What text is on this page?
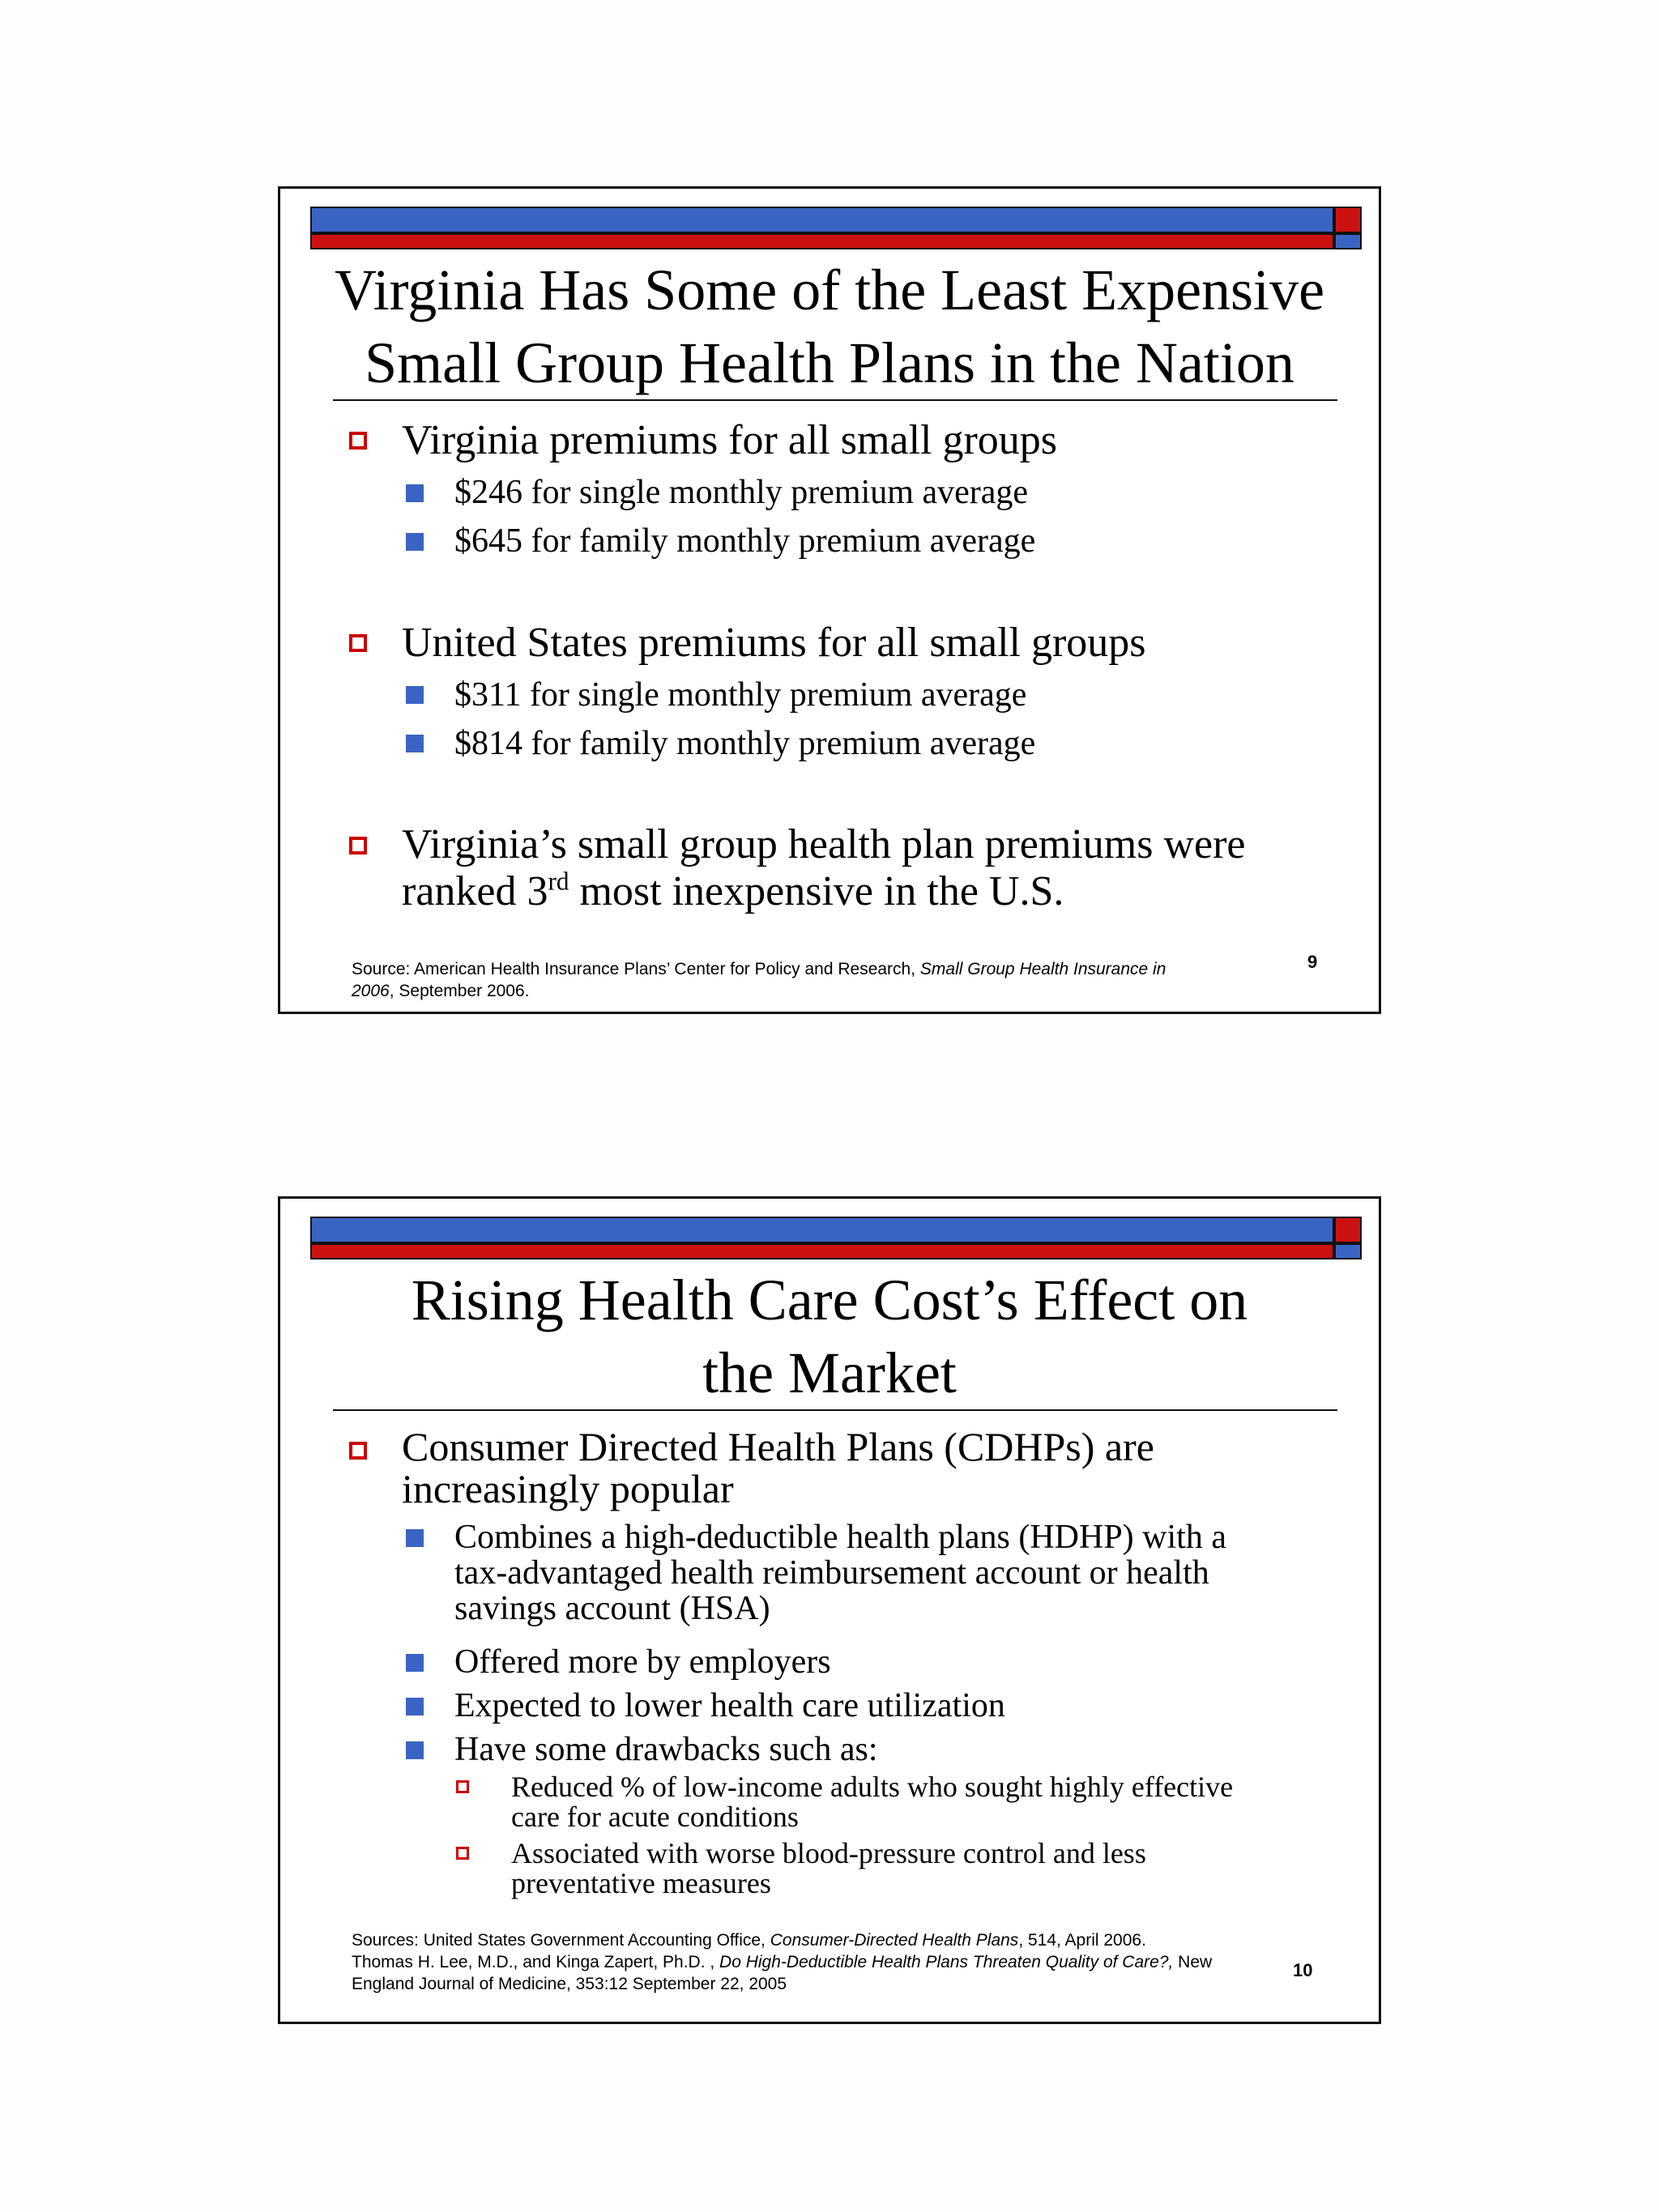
Virginia Has Some of the Least Expensive
Small Group Health Plans in the Nation
Virginia premiums for all small groups
$246 for single monthly premium average
$645 for family monthly premium average
United States premiums for all small groups
$311 for single monthly premium average
$814 for family monthly premium average
Virginia’s small group health plan premiums were
ranked 3rd most inexpensive in the U.S.
Source: American Health Insurance Plans’ Center for Policy and Research, Small Group Health Insurance in
2006, September 2006.
9
Rising Health Care Cost’s Effect on
the Market
Consumer Directed Health Plans (CDHPs) are
increasingly popular
Combines a high-deductible health plans (HDHP) with a
tax-advantaged health reimbursement account or health
savings account (HSA)
Offered more by employers
Expected to lower health care utilization
Have some drawbacks such as:
Reduced % of low-income adults who sought highly effective
care for acute conditions
Associated with worse blood-pressure control and less
preventative measures
Sources: United States Government Accounting Office, Consumer-Directed Health Plans, 514, April 2006.
Thomas H. Lee, M.D., and Kinga Zapert, Ph.D. , Do High-Deductible Health Plans Threaten Quality of Care?, New
England Journal of Medicine, 353:12 September 22, 2005
10
